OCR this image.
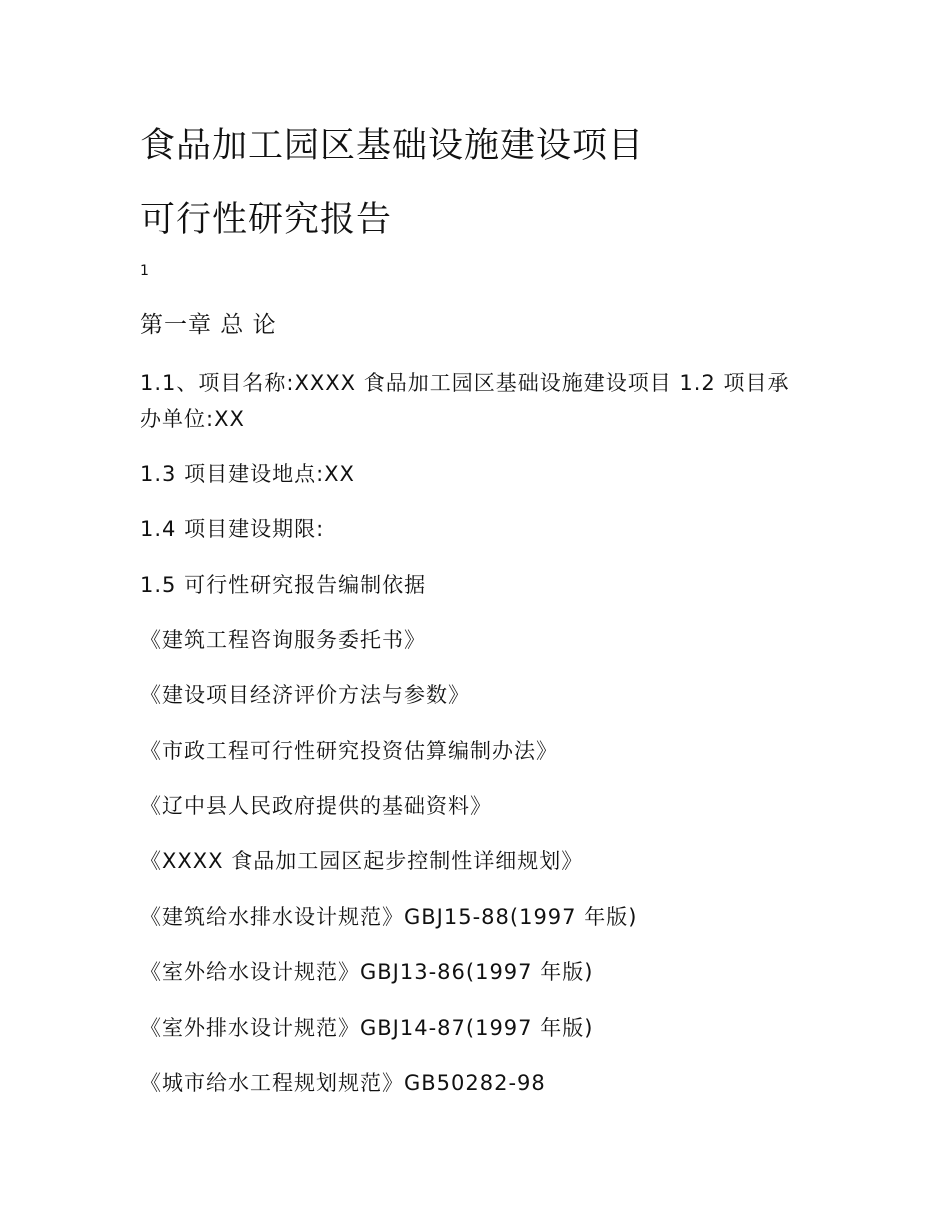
食品加工园区基础设施建设项目
可行性研究报告
1
第一章 总 论
1.1、项目名称:XXXX 食品加工园区基础设施建设项目 1.2 项目承办单位:XX
1.3 项目建设地点:XX
1.4 项目建设期限:
1.5 可行性研究报告编制依据
《建筑工程咨询服务委托书》
《建设项目经济评价方法与参数》
《市政工程可行性研究投资估算编制办法》
《辽中县人民政府提供的基础资料》
《XXXX 食品加工园区起步控制性详细规划》
《建筑给水排水设计规范》GBJ15-88(1997 年版)
《室外给水设计规范》GBJ13-86(1997 年版)
《室外排水设计规范》GBJ14-87(1997 年版)
《城市给水工程规划规范》GB50282-98
